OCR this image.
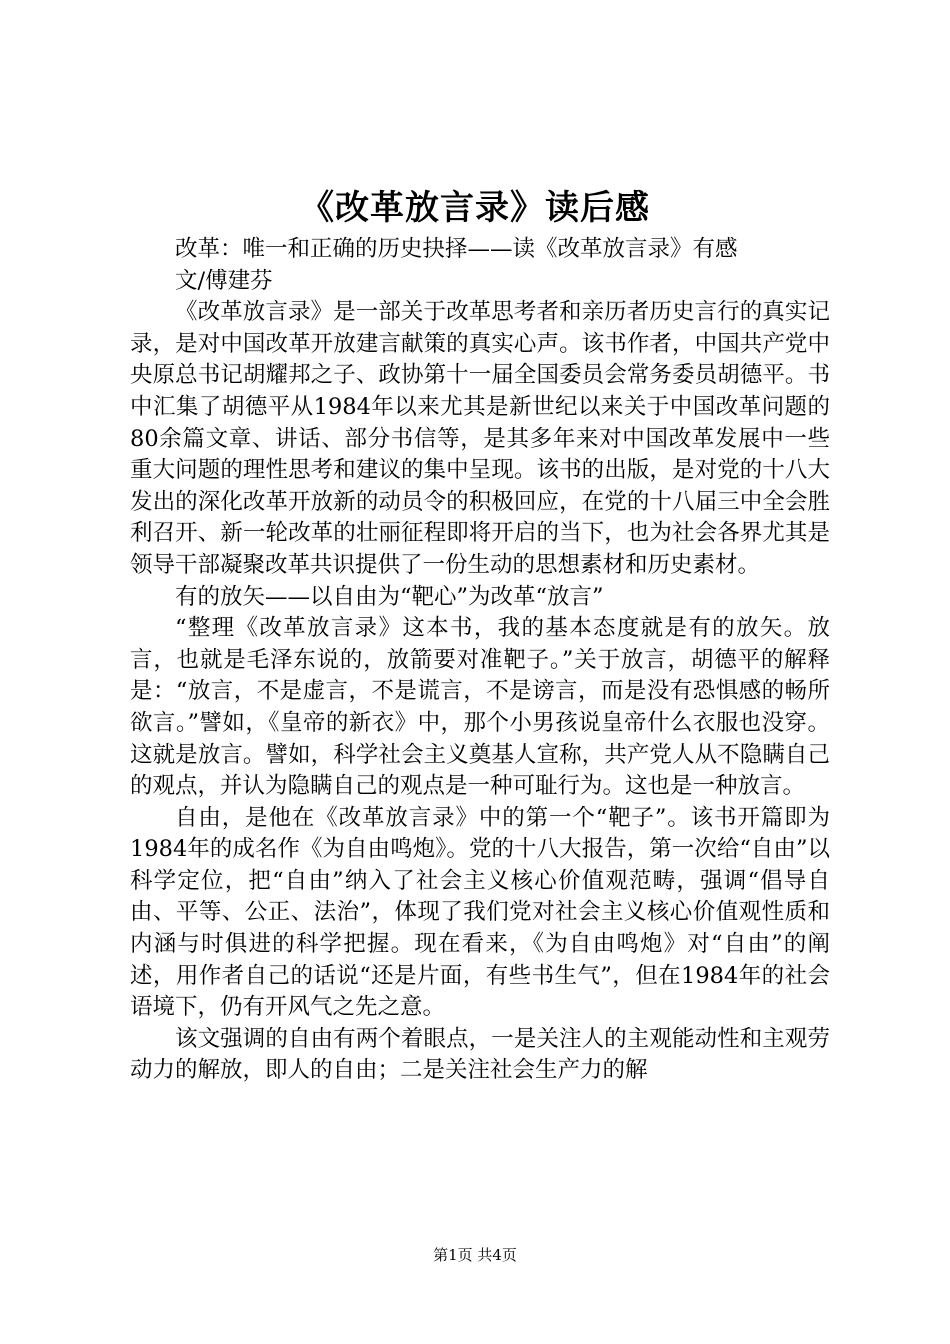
《改革放言录》读后感

改革：唯一和正确的历史抉择——读《改革放言录》有感

文/傅建芬

《改革放言录》是一部关于改革思考者和亲历者历史言行的真实记录，是对中国改革开放建言献策的真实心声。该书作者，中国共产党中央原总书记胡耀邦之子、政协第十一届全国委员会常务委员胡德平。书中汇集了胡德平从1984年以来尤其是新世纪以来关于中国改革问题的80余篇文章、讲话、部分书信等，是其多年来对中国改革发展中一些重大问题的理性思考和建议的集中呈现。该书的出版，是对党的十八大发出的深化改革开放新的动员令的积极回应，在党的十八届三中全会胜利召开、新一轮改革的壮丽征程即将开启的当下，也为社会各界尤其是领导干部凝聚改革共识提供了一份生动的思想素材和历史素材。

有的放矢——以自由为“靶心”为改革“放言”

“整理《改革放言录》这本书，我的基本态度就是有的放矢。放言，也就是毛泽东说的，放箭要对准靶子。”关于放言，胡德平的解释是：“放言，不是虚言，不是谎言，不是谤言，而是没有恐惧感的畅所欲言。”譬如，《皇帝的新衣》中，那个小男孩说皇帝什么衣服也没穿。这就是放言。譬如，科学社会主义奠基人宣称，共产党人从不隐瞒自己的观点，并认为隐瞒自己的观点是一种可耻行为。这也是一种放言。

自由，是他在《改革放言录》中的第一个“靶子”。该书开篇即为1984年的成名作《为自由鸣炮》。党的十八大报告，第一次给“自由”以科学定位，把“自由”纳入了社会主义核心价值观范畴，强调“倡导自由、平等、公正、法治”，体现了我们党对社会主义核心价值观性质和内涵与时俱进的科学把握。现在看来，《为自由鸣炮》对“自由”的阐述，用作者自己的话说“还是片面，有些书生气”，但在1984年的社会语境下，仍有开风气之先之意。

该文强调的自由有两个着眼点，一是关注人的主观能动性和主观劳动力的解放，即人的自由；二是关注社会生产力的解

第1页 共4页
